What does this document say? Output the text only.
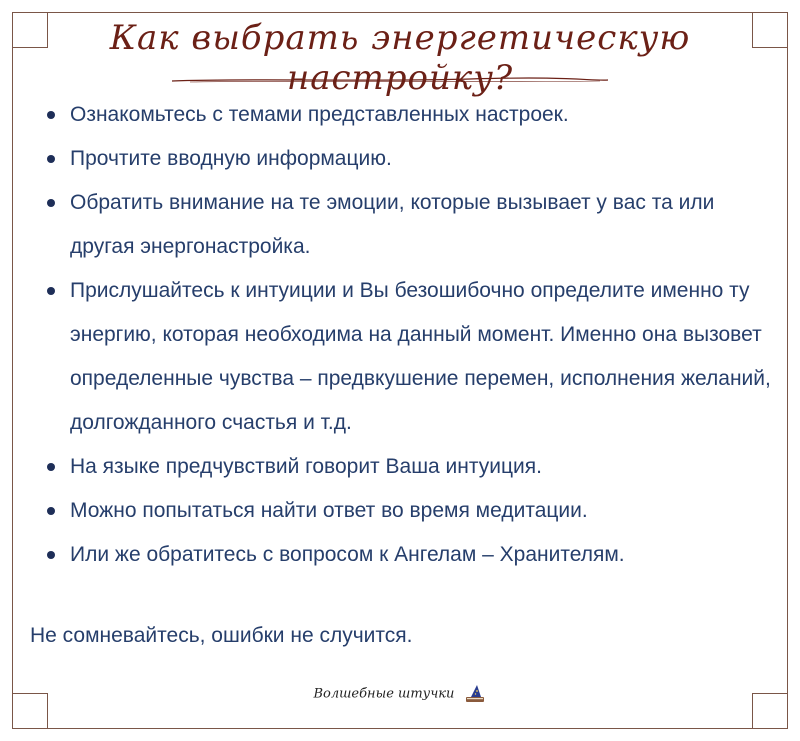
Как выбрать энергетическую настройку?
Ознакомьтесь с темами представленных настроек.
Прочтите вводную информацию.
Обратить внимание на те эмоции, которые вызывает у вас та или другая энергонастройка.
Прислушайтесь к интуиции и Вы безошибочно определите именно ту энергию, которая необходима на данный момент. Именно она вызовет определенные чувства – предвкушение перемен, исполнения желаний, долгожданного счастья и т.д.
На языке предчувствий говорит Ваша интуиция.
Можно попытаться найти ответ во время медитации.
Или же обратитесь с вопросом к Ангелам – Хранителям.
Не сомневайтесь, ошибки не случится.
Волшебные штучки
